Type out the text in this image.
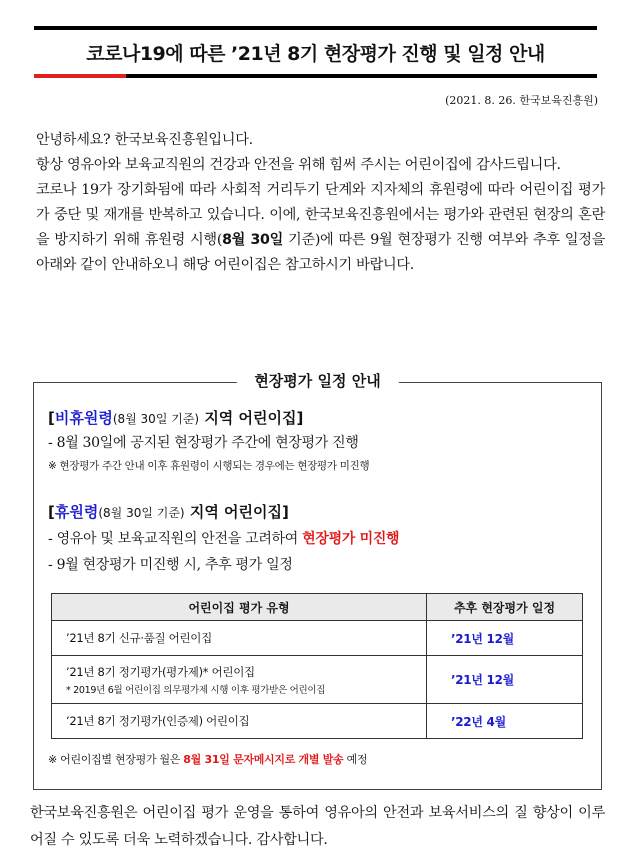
코로나19에 따른 ’21년 8기 현장평가 진행 및 일정 안내
(2021. 8. 26. 한국보육진흥원)

안녕하세요? 한국보육진흥원입니다.

항상 영유아와 보육교직원의 건강과 안전을 위해 힘써 주시는 어린이집에 감사드립니다.

코로나 19가 장기화됨에 따라 사회적 거리두기 단계와 지자체의 휴원령에 따라 어린이집 평가가 중단 및 재개를 반복하고 있습니다. 이에, 한국보육진흥원에서는 평가와 관련된 현장의 혼란을 방지하기 위해 휴원령 시행(8월 30일 기준)에 따른 9월 현장평가 진행 여부와 추후 일정을 아래와 같이 안내하오니 해당 어린이집은 참고하시기 바랍니다.

현장평가 일정 안내
[비휴원령(8월 30일 기준) 지역 어린이집]
- 8월 30일에 공지된 현장평가 주간에 현장평가 진행
※ 현장평가 주간 안내 이후 휴원령이 시행되는 경우에는 현장평가 미진행
[휴원령(8월 30일 기준) 지역 어린이집]
- 영유아 및 보육교직원의 안전을 고려하여 현장평가 미진행
- 9월 현장평가 미진행 시, 추후 평가 일정
어린이집 평가 유형	추후 현장평가 일정
’21년 8기 신규·품질 어린이집	’21년 12월
’21년 8기 정기평가(평가제)* 어린이집
* 2019년 6월 어린이집 의무평가제 시행 이후 평가받은 어린이집	’21년 12월
’21년 8기 정기평가(인증제) 어린이집	’22년 4월
※ 어린이집별 현장평가 월은 8월 31일 문자메시지로 개별 발송 예정
한국보육진흥원은 어린이집 평가 운영을 통하여 영유아의 안전과 보육서비스의 질 향상이 이루어질 수 있도록 더욱 노력하겠습니다. 감사합니다.
